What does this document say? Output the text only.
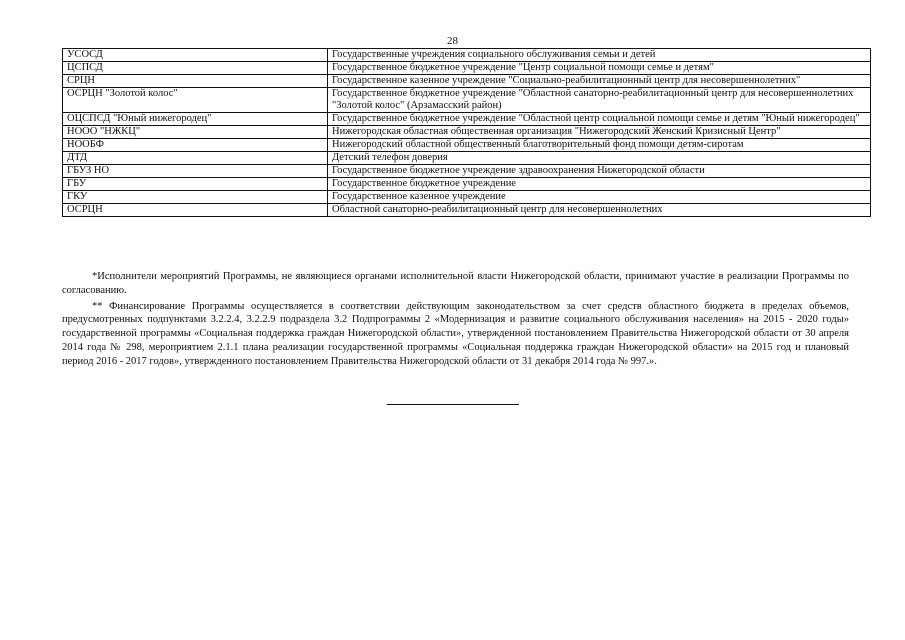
28
УСОСД	Государственные учреждения социального обслуживания семьи и детей
ЦСПСД	Государственное бюджетное учреждение "Центр социальной помощи семье и детям"
СРЦН	Государственное казенное учреждение "Социально-реабилитационный центр для несовершеннолетних"
ОСРЦН "Золотой колос"	Государственное бюджетное учреждение "Областной санаторно-реабилитационный центр для несовершеннолетних "Золотой колос" (Арзамасский район)
ОЦСПСД "Юный нижегородец"	Государственное бюджетное учреждение "Областной центр социальной помощи семье и детям "Юный нижегородец"
НООО "НЖКЦ"	Нижегородская областная общественная организация "Нижегородский Женский Кризисный Центр"
НООБФ	Нижегородский областной общественный благотворительный фонд помощи детям-сиротам
ДТД	Детский телефон доверия
ГБУЗ НО	Государственное бюджетное учреждение здравоохранения Нижегородской области
ГБУ	Государственное бюджетное учреждение
ГКУ	Государственное казенное учреждение
ОСРЦН	Областной санаторно-реабилитационный центр для несовершеннолетних

*Исполнители мероприятий Программы, не являющиеся органами исполнительной власти Нижегородской области, принимают участие в реализации Программы по согласованию.

** Финансирование Программы осуществляется в соответствии действующим законодательством за счет средств областного бюджета в пределах объемов, предусмотренных подпунктами 3.2.2.4, 3.2.2.9 подраздела 3.2 Подпрограммы 2 «Модернизация и развитие социального обслуживания населения» на 2015 - 2020 годы» государственной программы «Социальная поддержка граждан Нижегородской области», утвержденной постановлением Правительства Нижегородской области от 30 апреля 2014 года № 298, мероприятием 2.1.1 плана реализации государственной программы «Социальная поддержка граждан Нижегородской области» на 2015 год и плановый период 2016 - 2017 годов», утвержденного постановлением Правительства Нижегородской области от 31 декабря 2014 года № 997.».
